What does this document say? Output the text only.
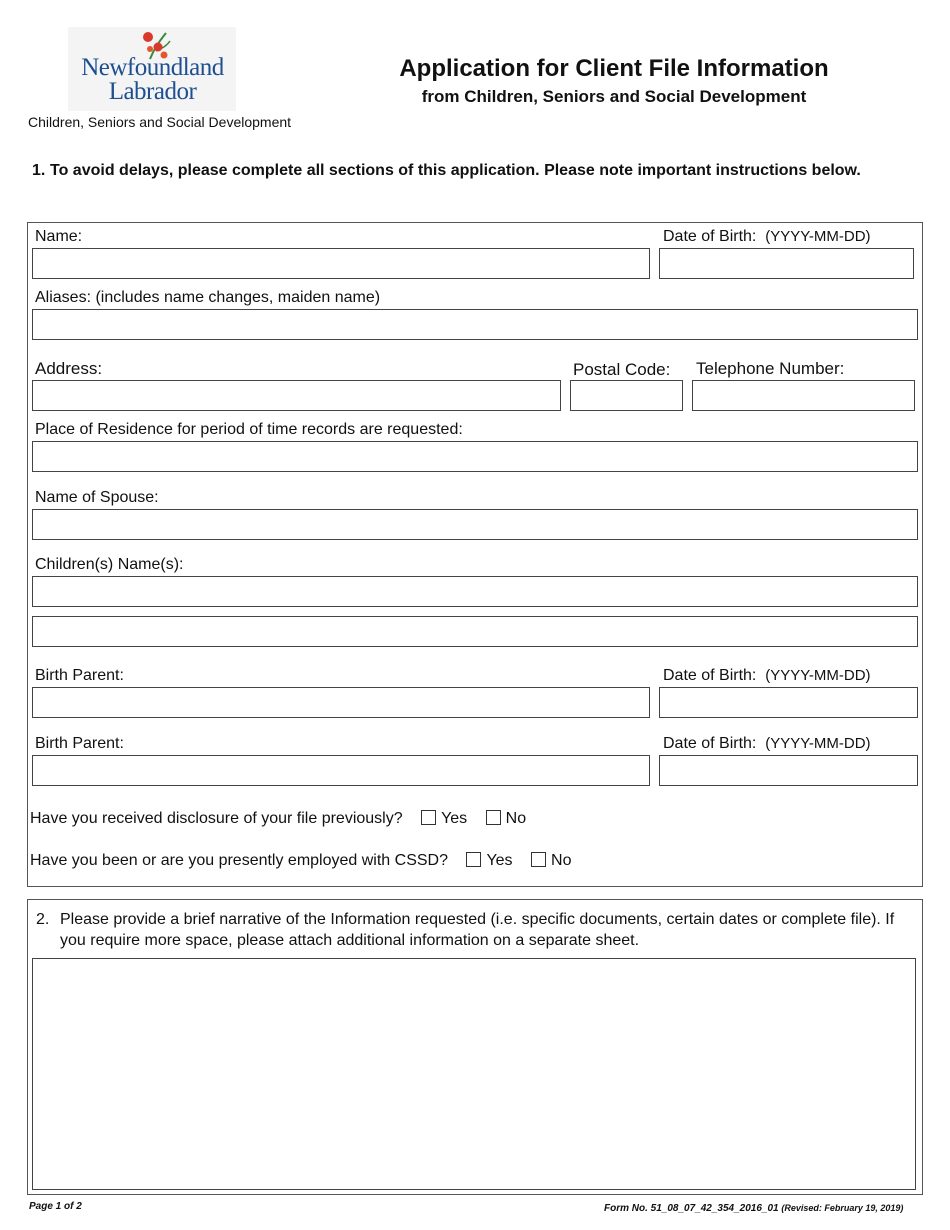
Newfoundland
Labrador
Children, Seniors and Social Development
Application for Client File Information
from Children, Seniors and Social Development
1. To avoid delays, please complete all sections of this application. Please note important instructions below.
Name:	Date of Birth: (YYYY-MM-DD)
Aliases: (includes name changes, maiden name)
Address:	Postal Code: Telephone Number:
Place of Residence for period of time records are requested:
Name of Spouse:
Children(s) Name(s):
Birth Parent:	Date of Birth: (YYYY-MM-DD)
Birth Parent:	Date of Birth: (YYYY-MM-DD)
Have you received disclosure of your file previously? Yes No
Have you been or are you presently employed with CSSD? Yes No
2. Please provide a brief narrative of the Information requested (i.e. specific documents, certain dates or complete file). If you require more space, please attach additional information on a separate sheet.
Page 1 of 2	Form No. 51_08_07_42_354_2016_01 (Revised: February 19, 2019)
